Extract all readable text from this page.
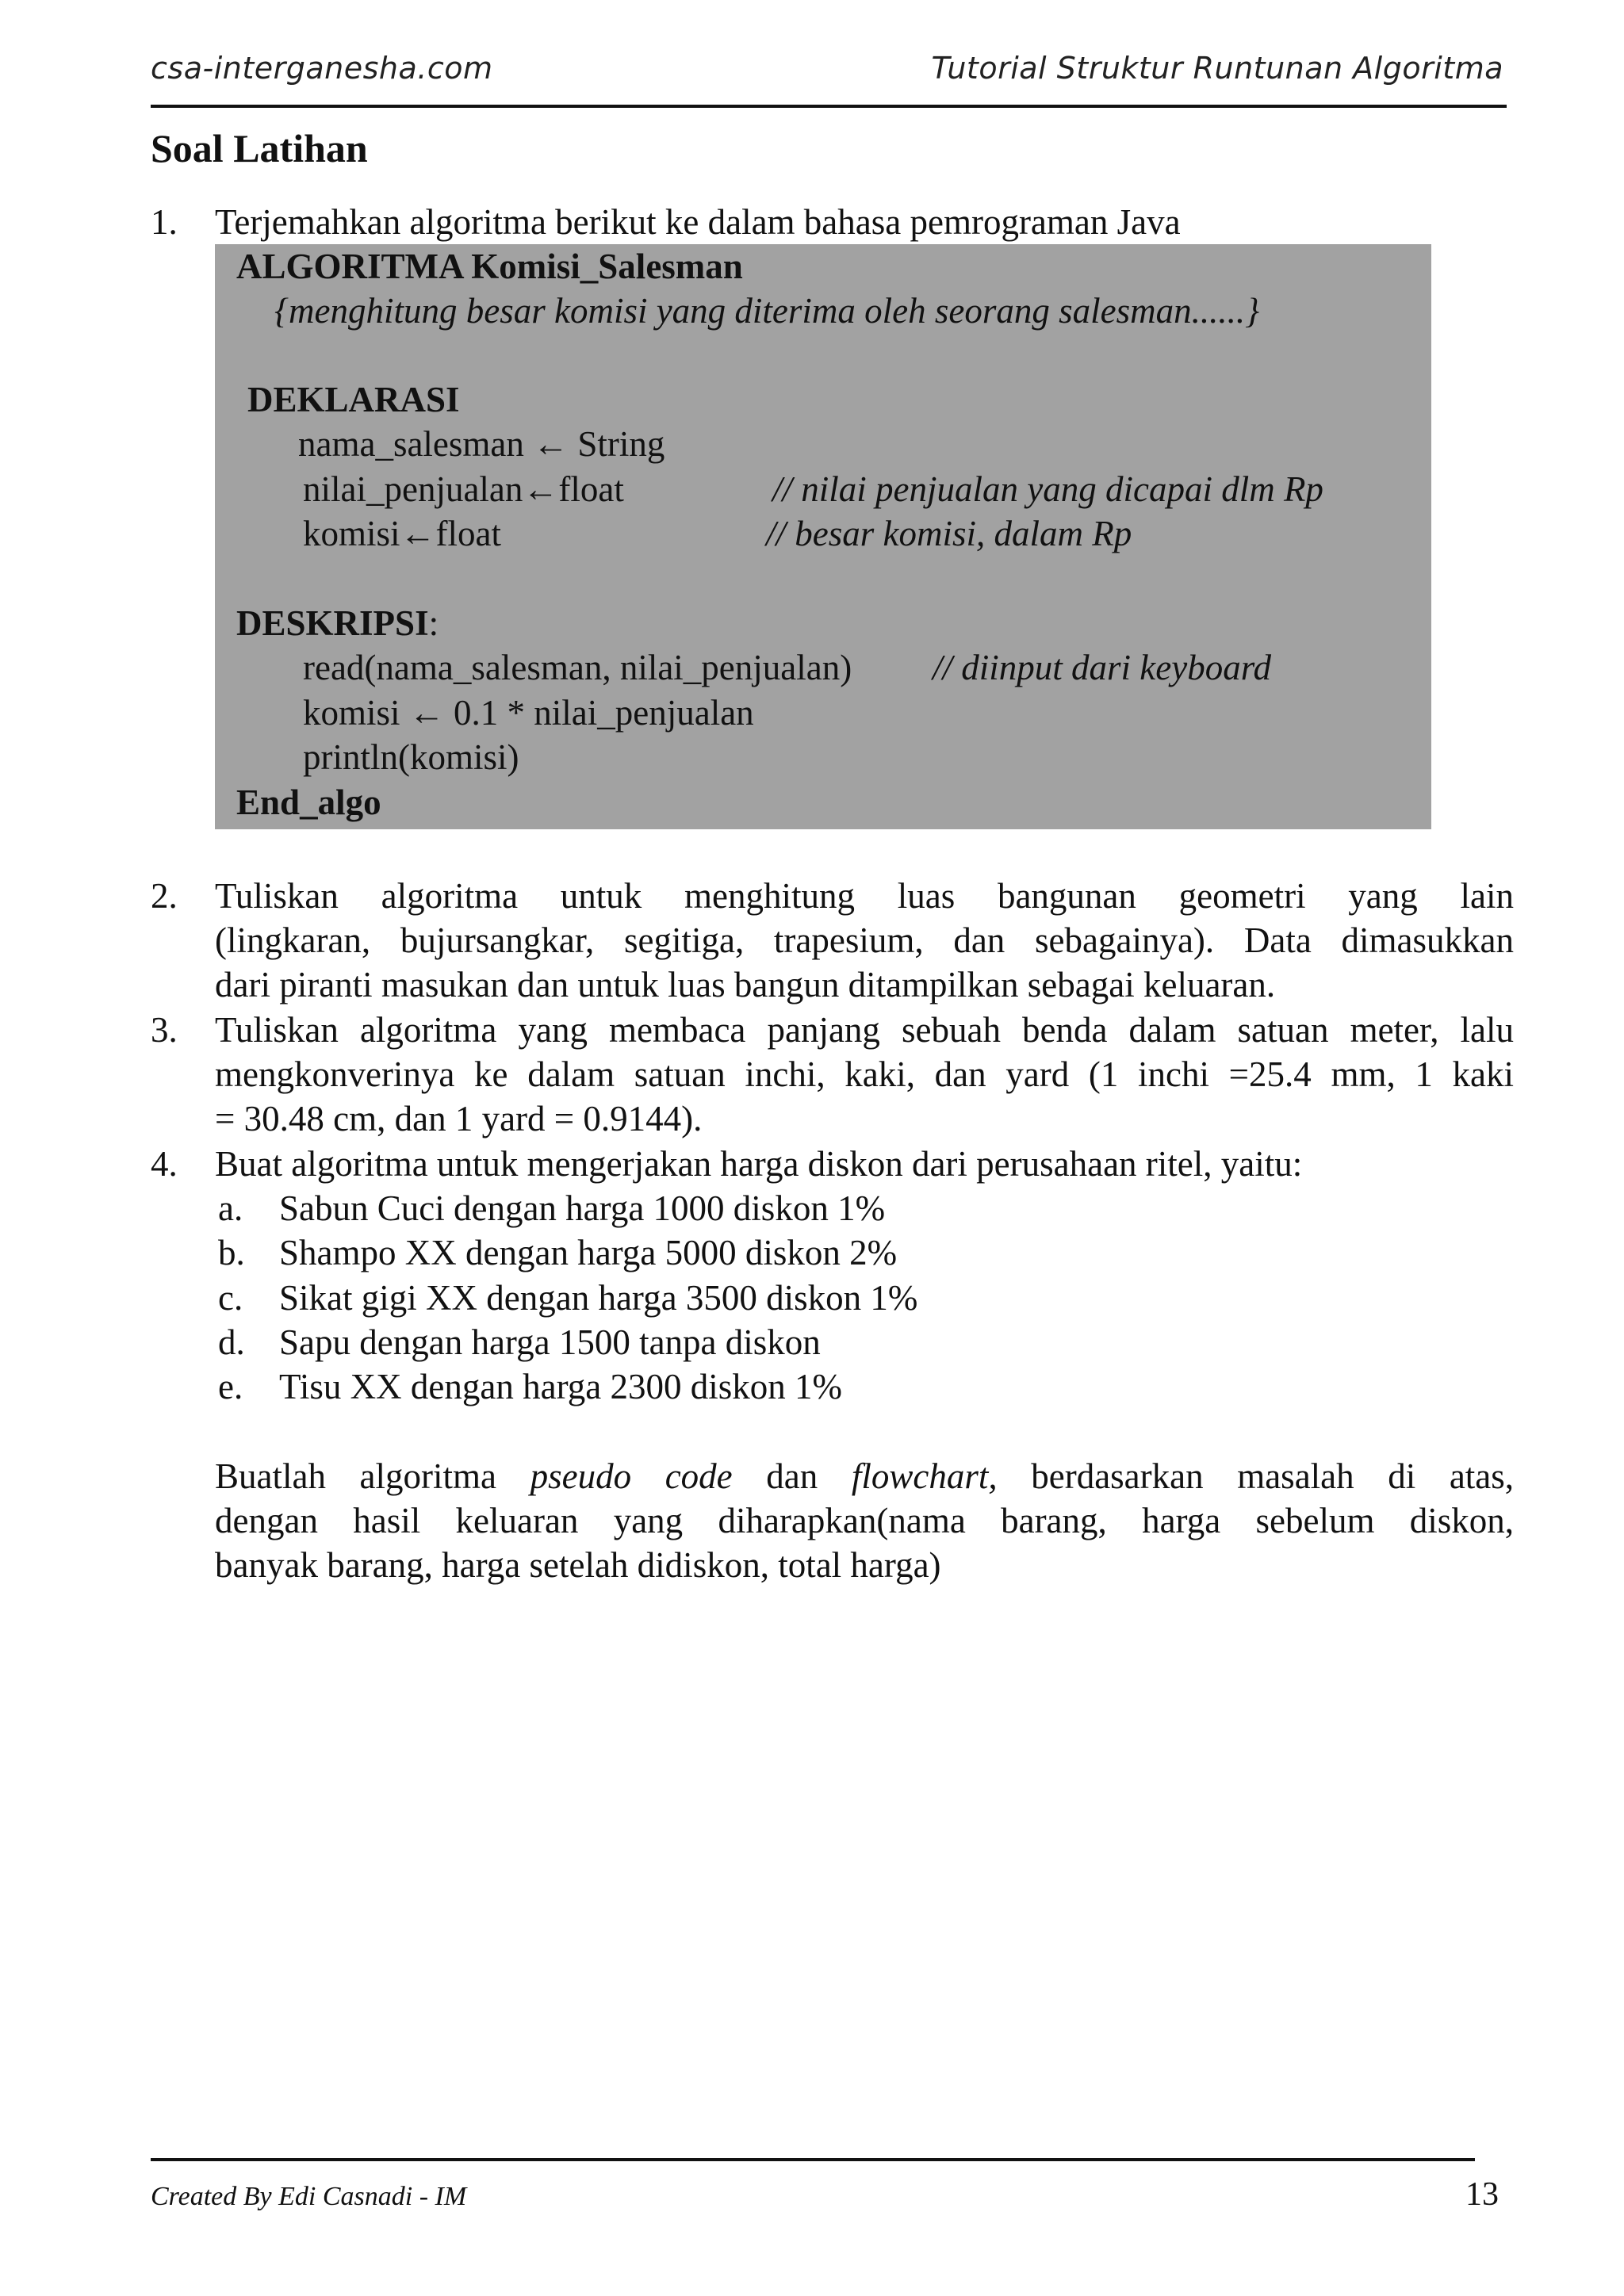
csa-interganesha.com	Tutorial Struktur Runtunan Algoritma
Soal Latihan
1. Terjemahkan algoritma berikut ke dalam bahasa pemrograman Java
ALGORITMA Komisi_Salesman
{menghitung besar komisi yang diterima oleh seorang salesman......}
DEKLARASI
nama_salesman ← String
nilai_penjualan←float	// nilai penjualan yang dicapai dlm Rp
komisi←float	// besar komisi, dalam Rp
DESKRIPSI:
read(nama_salesman, nilai_penjualan) // diinput dari keyboard
komisi ← 0.1 * nilai_penjualan
println(komisi)
End_algo
2. Tuliskan algoritma untuk menghitung luas bangunan geometri yang lain
(lingkaran, bujursangkar, segitiga, trapesium, dan sebagainya). Data dimasukkan
dari piranti masukan dan untuk luas bangun ditampilkan sebagai keluaran.
3. Tuliskan algoritma yang membaca panjang sebuah benda dalam satuan meter, lalu
mengkonverinya ke dalam satuan inchi, kaki, dan yard (1 inchi =25.4 mm, 1 kaki
= 30.48 cm, dan 1 yard = 0.9144).
4. Buat algoritma untuk mengerjakan harga diskon dari perusahaan ritel, yaitu:
a. Sabun Cuci dengan harga 1000 diskon 1%
b. Shampo XX dengan harga 5000 diskon 2%
c. Sikat gigi XX dengan harga 3500 diskon 1%
d. Sapu dengan harga 1500 tanpa diskon
e. Tisu XX dengan harga 2300 diskon 1%
Buatlah algoritma pseudo code dan flowchart, berdasarkan masalah di atas,
dengan hasil keluaran yang diharapkan(nama barang, harga sebelum diskon,
banyak barang, harga setelah didiskon, total harga)
Created By Edi Casnadi - IM	13
